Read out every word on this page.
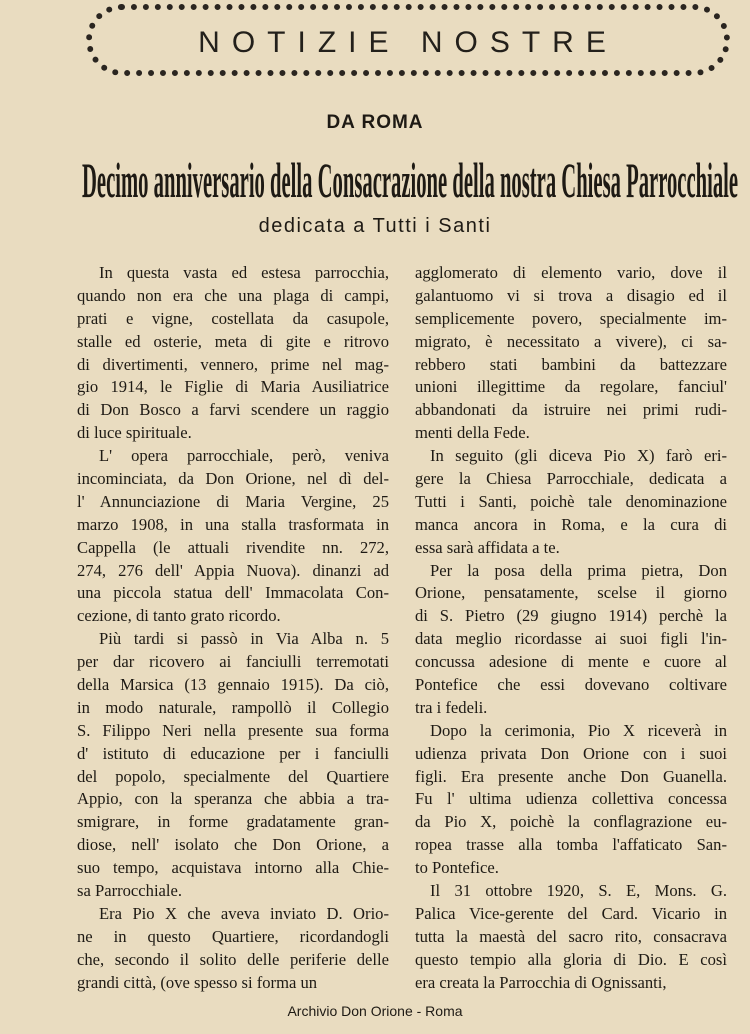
NOTIZIE NOSTRE
DA ROMA
Decimo anniversario della Consacrazione della nostra Chiesa Parrocchiale
dedicata a Tutti i Santi
In questa vasta ed estesa parrocchia,
quando non era che una plaga di campi,
prati e vigne, costellata da casupole,
stalle ed osterie, meta di gite e ritrovo
di divertimenti, vennero, prime nel mag-
gio 1914, le Figlie di Maria Ausiliatrice
di Don Bosco a farvi scendere un raggio
di luce spirituale.
L' opera parrocchiale, però, veniva
incominciata, da Don Orione, nel dì del-
l' Annunciazione di Maria Vergine, 25
marzo 1908, in una stalla trasformata in
Cappella (le attuali rivendite nn. 272,
274, 276 dell' Appia Nuova). dinanzi ad
una piccola statua dell' Immacolata Con-
cezione, di tanto grato ricordo.
Più tardi si passò in Via Alba n. 5
per dar ricovero ai fanciulli terremotati
della Marsica (13 gennaio 1915). Da ciò,
in modo naturale, rampollò il Collegio
S. Filippo Neri nella presente sua forma
d' istituto di educazione per i fanciulli
del popolo, specialmente del Quartiere
Appio, con la speranza che abbia a tra-
smigrare, in forme gradatamente gran-
diose, nell' isolato che Don Orione, a
suo tempo, acquistava intorno alla Chie-
sa Parrocchiale.
Era Pio X che aveva inviato D. Orio-
ne in questo Quartiere, ricordandogli
che, secondo il solito delle periferie delle
grandi città, (ove spesso si forma un
agglomerato di elemento vario, dove il
galantuomo vi si trova a disagio ed il
semplicemente povero, specialmente im-
migrato, è necessitato a vivere), ci sa-
rebbero stati bambini da battezzare
unioni illegittime da regolare, fanciul'
abbandonati da istruire nei primi rudi-
menti della Fede.
In seguito (gli diceva Pio X) farò eri-
gere la Chiesa Parrocchiale, dedicata a
Tutti i Santi, poichè tale denominazione
manca ancora in Roma, e la cura di
essa sarà affidata a te.
Per la posa della prima pietra, Don
Orione, pensatamente, scelse il giorno
di S. Pietro (29 giugno 1914) perchè la
data meglio ricordasse ai suoi figli l'in-
concussa adesione di mente e cuore al
Pontefice che essi dovevano coltivare
tra i fedeli.
Dopo la cerimonia, Pio X riceverà in
udienza privata Don Orione con i suoi
figli. Era presente anche Don Guanella.
Fu l' ultima udienza collettiva concessa
da Pio X, poichè la conflagrazione eu-
ropea trasse alla tomba l'affaticato San-
to Pontefice.
Il 31 ottobre 1920, S. E, Mons. G.
Palica Vice-gerente del Card. Vicario in
tutta la maestà del sacro rito, consacrava
questo tempio alla gloria di Dio. E così
era creata la Parrocchia di Ognissanti,
Archivio Don Orione - Roma
